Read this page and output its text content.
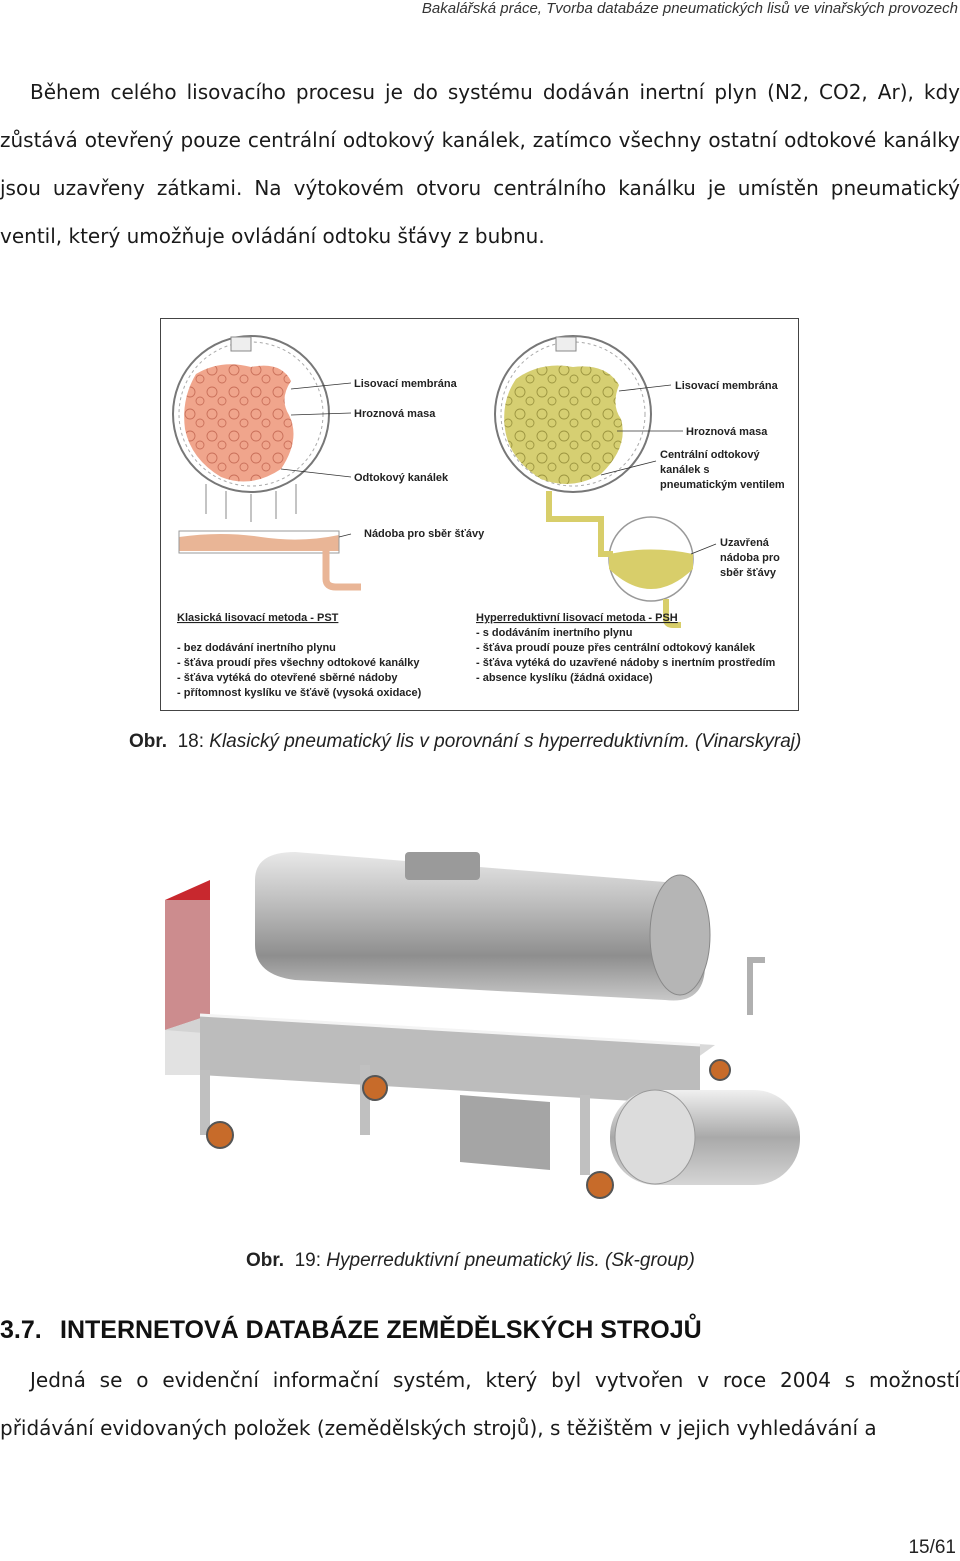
Bakalářská práce, Tvorba databáze pneumatických lisů ve vinařských provozech

Během celého lisovacího procesu je do systému dodáván inertní plyn (N2, CO2, Ar), kdy zůstává otevřený pouze centrální odtokový kanálek, zatímco všechny ostatní odtokové kanálky jsou uzavřeny zátkami. Na výtokovém otvoru centrálního kanálku je umístěn pneumatický ventil, který umožňuje ovládání odtoku šťávy z bubnu.

Lisovací membrána
Hroznová masa
Odtokový kanálek
Nádoba pro sběr šťávy
Lisovací membrána
Hroznová masa
Centrální odtokový
kanálek s
pneumatickým ventilem
Uzavřená
nádoba pro
sběr šťávy
Klasická lisovací metoda - PST
- bez dodávání inertního plynu
- šťáva proudí přes všechny odtokové kanálky
- šťáva vytéká do otevřené sběrné nádoby
- přítomnost kyslíku ve šťávě (vysoká oxidace)
Hyperreduktivní lisovací metoda - PSH
- s dodáváním inertního plynu
- šťáva proudí pouze přes centrální odtokový kanálek
- šťáva vytéká do uzavřené nádoby s inertním prostředím
- absence kyslíku (žádná oxidace)
Obr. 18: Klasický pneumatický lis v porovnání s hyperreduktivním. (Vinarskyraj)
Obr. 19: Hyperreduktivní pneumatický lis. (Sk-group)
3.7. INTERNETOVÁ DATABÁZE ZEMĚDĚLSKÝCH STROJŮ

Jedná se o evidenční informační systém, který byl vytvořen v roce 2004 s možností přidávání evidovaných položek (zemědělských strojů), s těžištěm v jejich vyhledávání a

15/61
